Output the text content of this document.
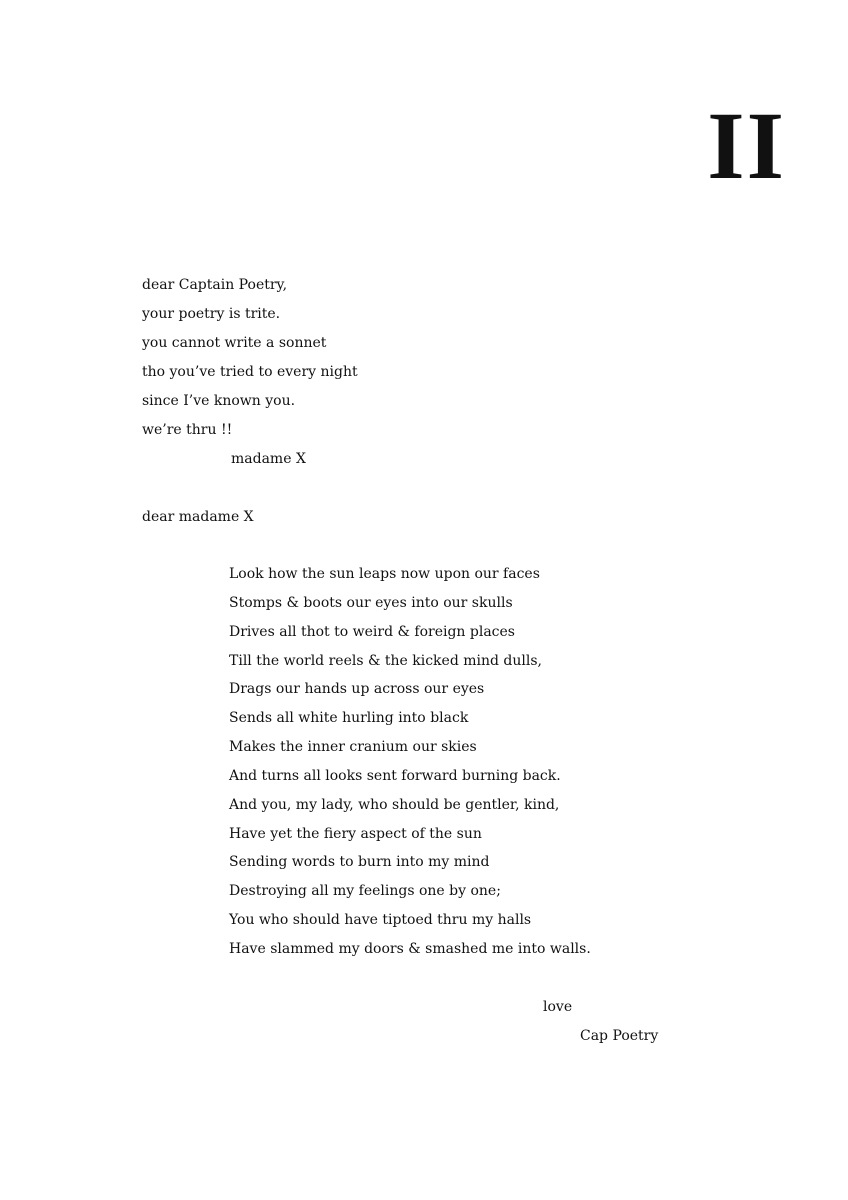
II
dear Captain Poetry,
your poetry is trite.
you cannot write a sonnet
tho you’ve tried to every night
since I’ve known you.
we’re thru !!
madame X
dear madame X
Look how the sun leaps now upon our faces
Stomps & boots our eyes into our skulls
Drives all thot to weird & foreign places
Till the world reels & the kicked mind dulls,
Drags our hands up across our eyes
Sends all white hurling into black
Makes the inner cranium our skies
And turns all looks sent forward burning back.
And you, my lady, who should be gentler, kind,
Have yet the fiery aspect of the sun
Sending words to burn into my mind
Destroying all my feelings one by one;
You who should have tiptoed thru my halls
Have slammed my doors & smashed me into walls.
love
Cap Poetry
